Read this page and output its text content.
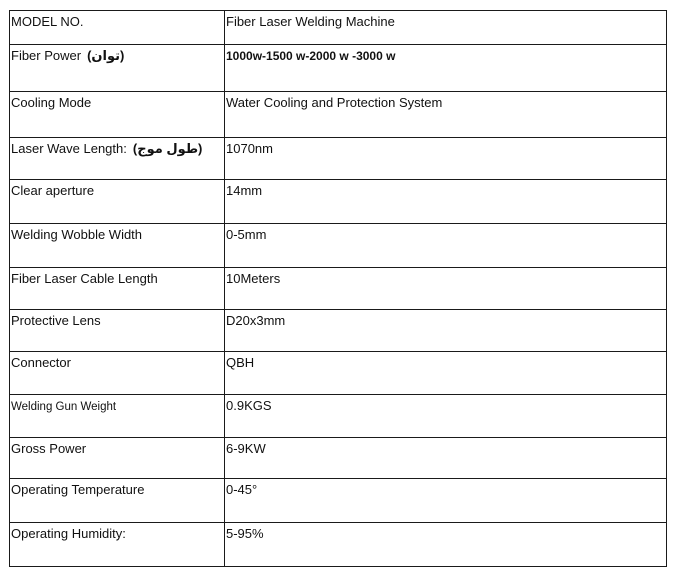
MODEL NO.	Fiber Laser Welding Machine
Fiber Power (توان)	1000w-1500 w-2000 w -3000 w
Cooling Mode	Water Cooling and Protection System
Laser Wave Length: (طول موج)	1070nm
Clear aperture	14mm
Welding Wobble Width	0-5mm
Fiber Laser Cable Length	10Meters
Protective Lens	D20x3mm
Connector	QBH
Welding Gun Weight	0.9KGS
Gross Power	6-9KW
Operating Temperature	0-45°
Operating Humidity:	5-95%
